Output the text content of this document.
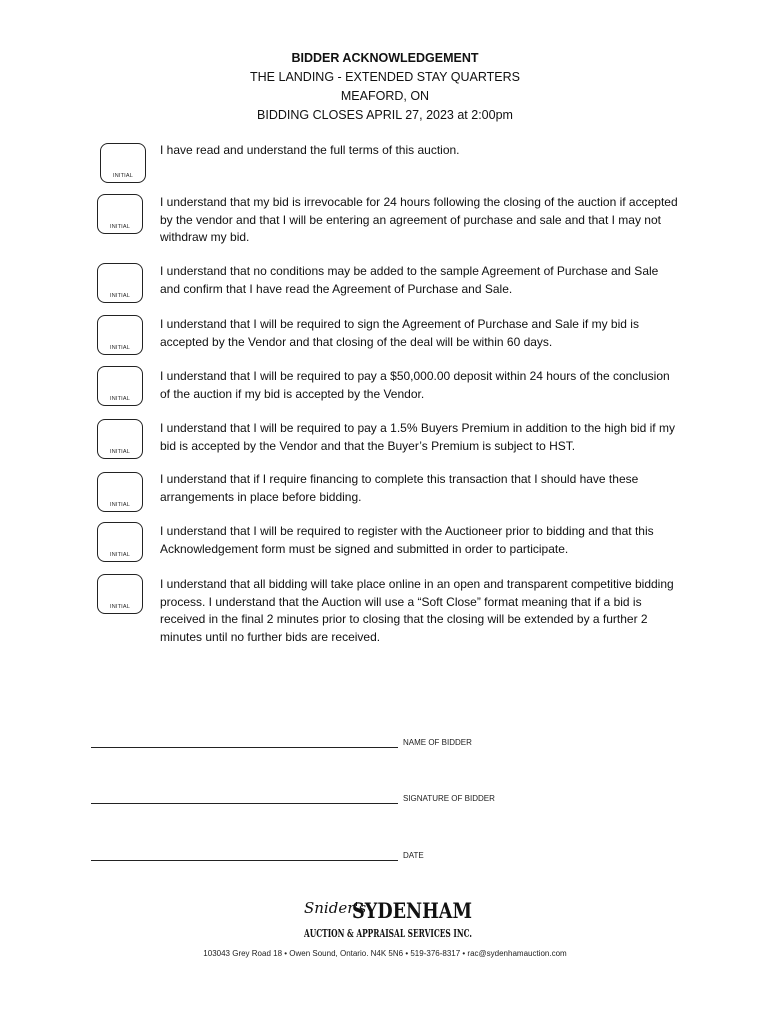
BIDDER ACKNOWLEDGEMENT
THE LANDING - EXTENDED STAY QUARTERS
MEAFORD, ON
BIDDING CLOSES APRIL 27, 2023 at 2:00pm
INITIAL
I have read and understand the full terms of this auction.
INITIAL
I understand that my bid is irrevocable for 24 hours following the closing of the auction if accepted by the vendor and that I will be entering an agreement of purchase and sale and that I may not withdraw my bid.
INITIAL
I understand that no conditions may be added to the sample Agreement of Purchase and Sale and confirm that I have read the Agreement of Purchase and Sale.
INITIAL
I understand that I will be required to sign the Agreement of Purchase and Sale if my bid is accepted by the Vendor and that closing of the deal will be within 60 days.
INITIAL
I understand that I will be required to pay a $50,000.00 deposit within 24 hours of the conclusion of the auction if my bid is accepted by the Vendor.
INITIAL
I understand that I will be required to pay a 1.5% Buyers Premium in addition to the high bid if my bid is accepted by the Vendor and that the Buyer’s Premium is subject to HST.
INITIAL
I understand that if I require financing to complete this transaction that I should have these arrangements in place before bidding.
INITIAL
I understand that I will be required to register with the Auctioneer prior to bidding and that this Acknowledgement form must be signed and submitted in order to participate.
INITIAL
I understand that all bidding will take place online in an open and transparent competitive bidding process. I understand that the Auction will use a “Soft Close” format meaning that if a bid is received in the final 2 minutes prior to closing that the closing will be extended by a further 2 minutes until no further bids are received.
NAME OF BIDDER
SIGNATURE OF BIDDER
DATE
Snider's
SYDENHAM
AUCTION & APPRAISAL SERVICES INC.
103043 Grey Road 18 • Owen Sound, Ontario. N4K 5N6 • 519-376-8317 • rac@sydenhamauction.com
